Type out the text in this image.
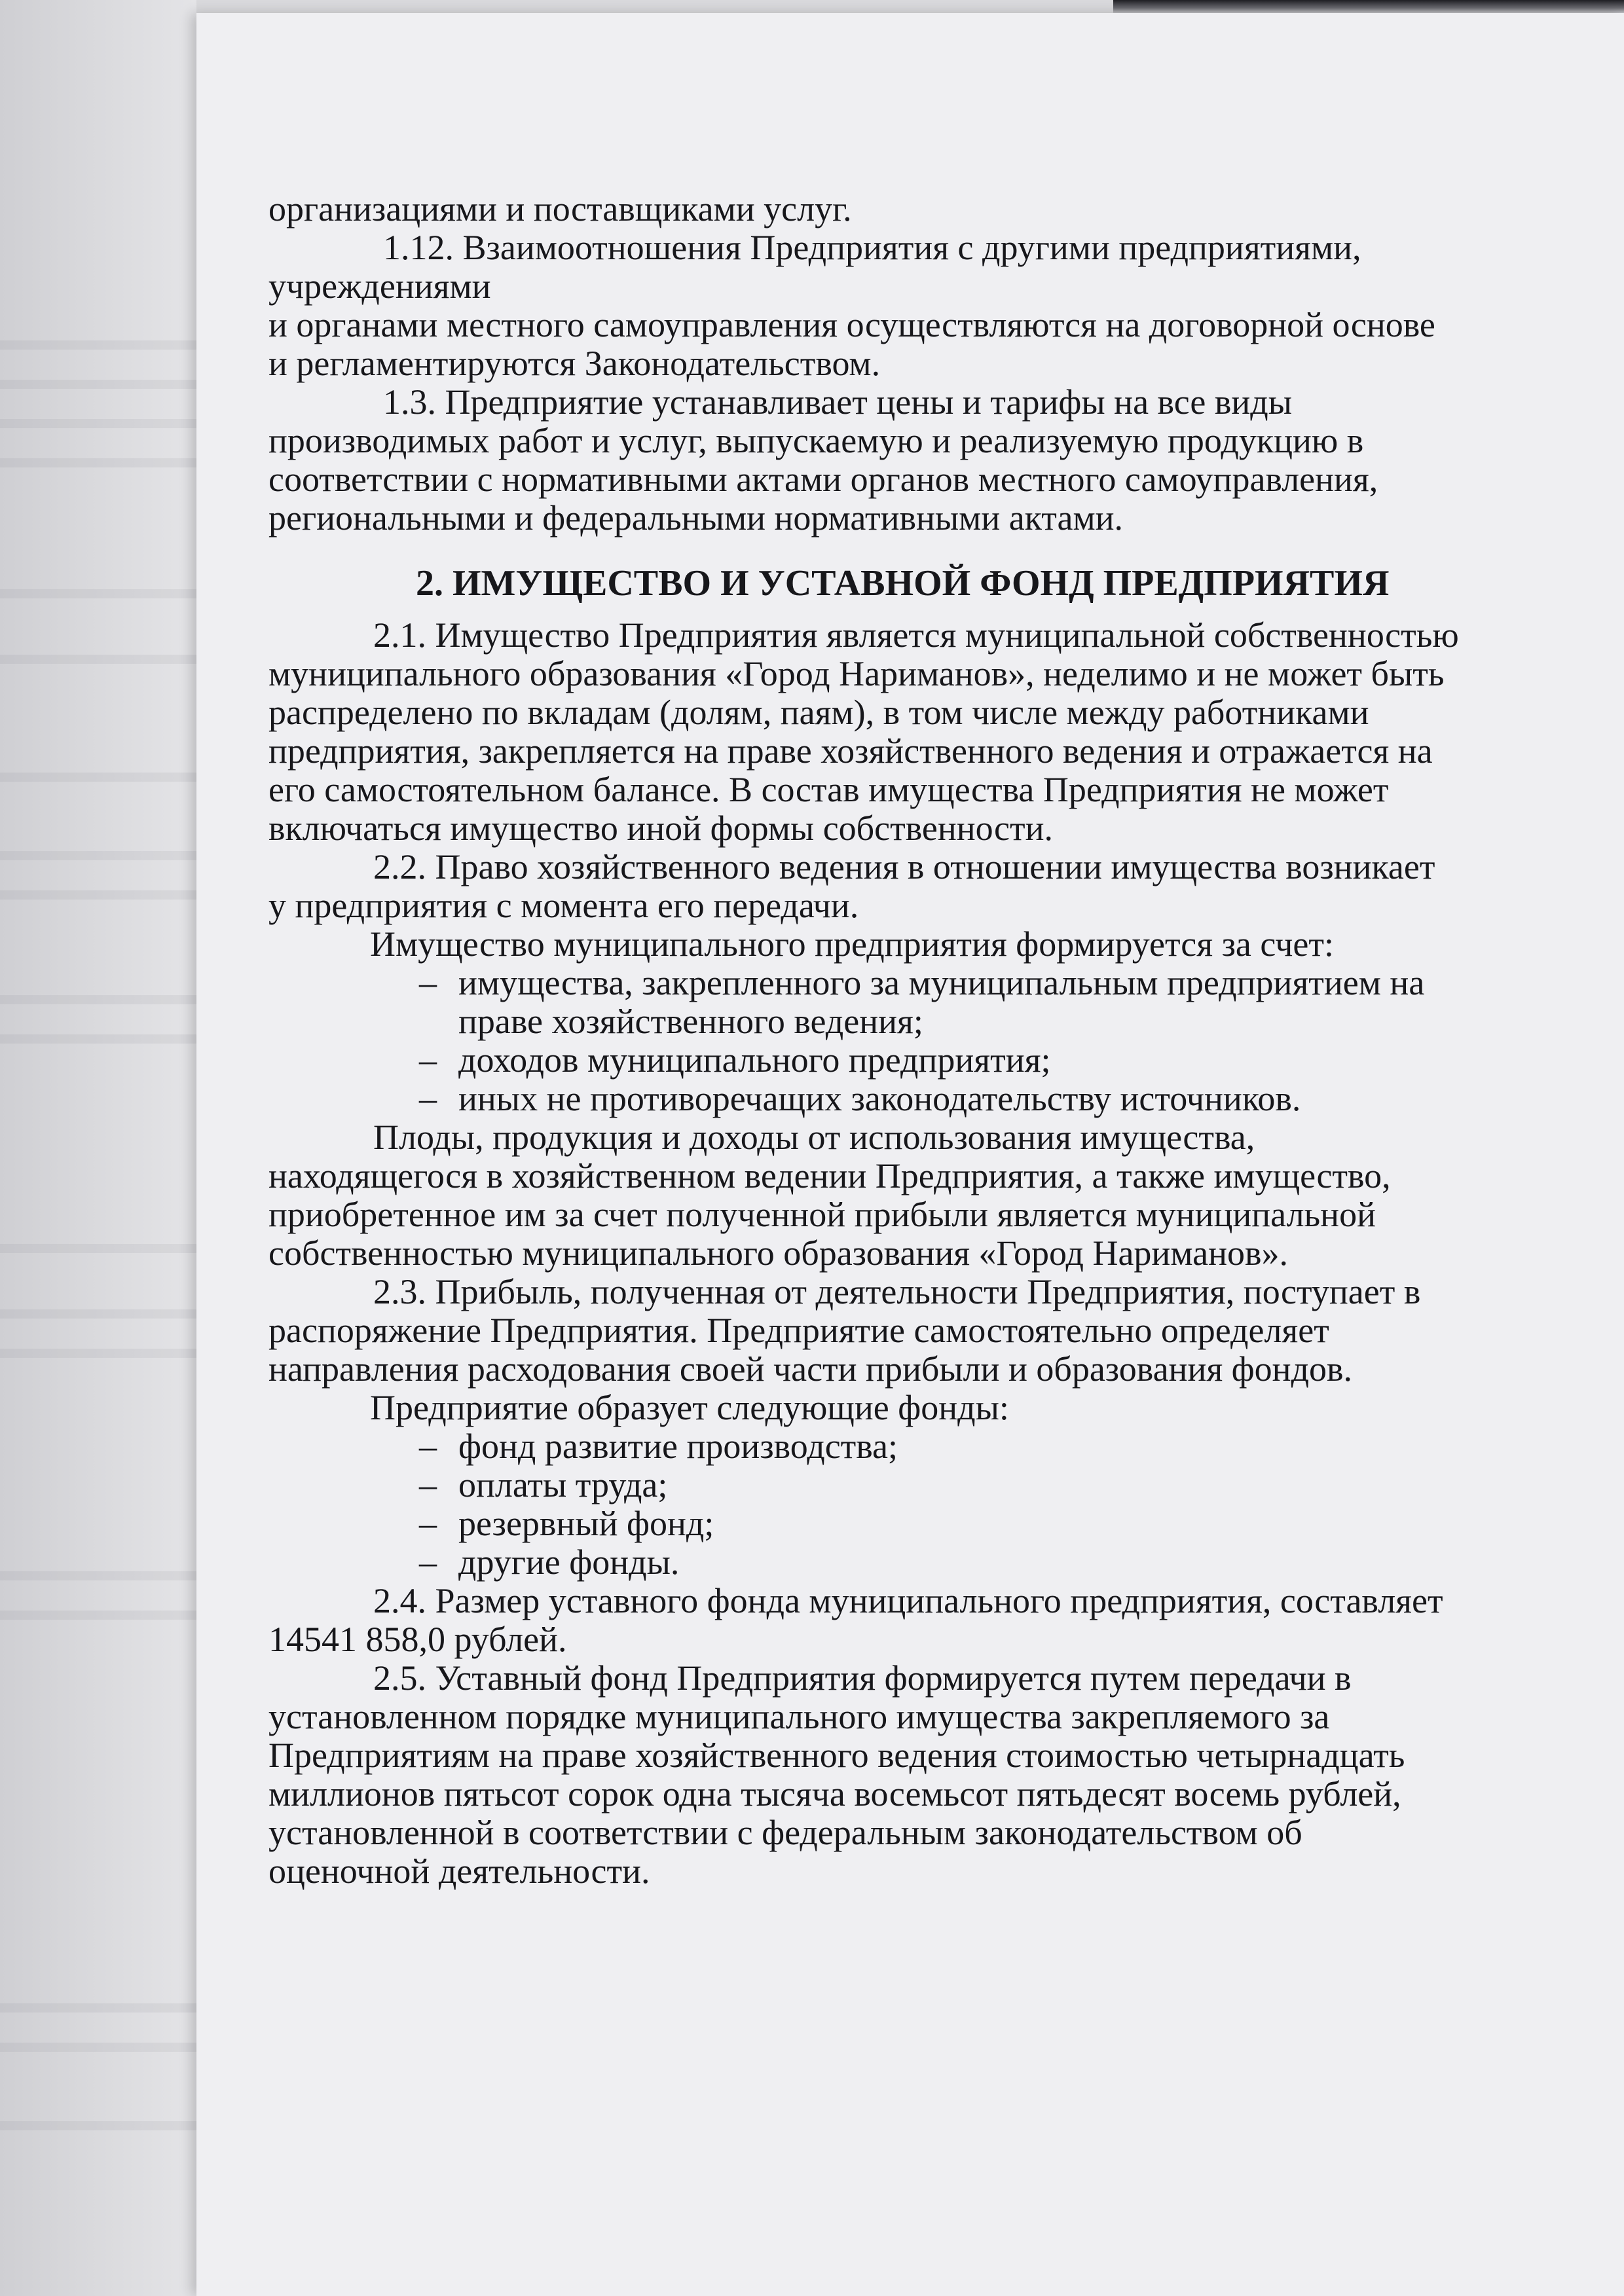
организациями и поставщиками услуг.
1.12. Взаимоотношения Предприятия с другими предприятиями,
учреждениями
и органами местного самоуправления осуществляются на договорной основе
и регламентируются Законодательством.
1.3. Предприятие устанавливает цены и тарифы на все виды
производимых работ и услуг, выпускаемую и реализуемую продукцию в
соответствии с нормативными актами органов местного самоуправления,
региональными и федеральными нормативными актами.
2. ИМУЩЕСТВО И УСТАВНОЙ ФОНД ПРЕДПРИЯТИЯ
2.1. Имущество Предприятия является муниципальной собственностью
муниципального образования «Город Нариманов», неделимо и не может быть
распределено по вкладам (долям, паям), в том числе между работниками
предприятия, закрепляется на праве хозяйственного ведения и отражается на
его самостоятельном балансе. В состав имущества Предприятия не может
включаться имущество иной формы собственности.
2.2. Право хозяйственного ведения в отношении имущества возникает
у предприятия с момента его передачи.
Имущество муниципального предприятия формируется за счет:
– имущества, закрепленного за муниципальным предприятием на
праве хозяйственного ведения;
– доходов муниципального предприятия;
– иных не противоречащих законодательству источников.
Плоды, продукция и доходы от использования имущества,
находящегося в хозяйственном ведении Предприятия, а также имущество,
приобретенное им за счет полученной прибыли является муниципальной
собственностью муниципального образования «Город Нариманов».
2.3. Прибыль, полученная от деятельности Предприятия, поступает в
распоряжение Предприятия. Предприятие самостоятельно определяет
направления расходования своей части прибыли и образования фондов.
Предприятие образует следующие фонды:
– фонд развитие производства;
– оплаты труда;
– резервный фонд;
– другие фонды.
2.4. Размер уставного фонда муниципального предприятия, составляет
14541 858,0 рублей.
2.5. Уставный фонд Предприятия формируется путем передачи в
установленном порядке муниципального имущества закрепляемого за
Предприятиям на праве хозяйственного ведения стоимостью четырнадцать
миллионов пятьсот сорок одна тысяча восемьсот пятьдесят восемь рублей,
установленной в соответствии с федеральным законодательством об
оценочной деятельности.
